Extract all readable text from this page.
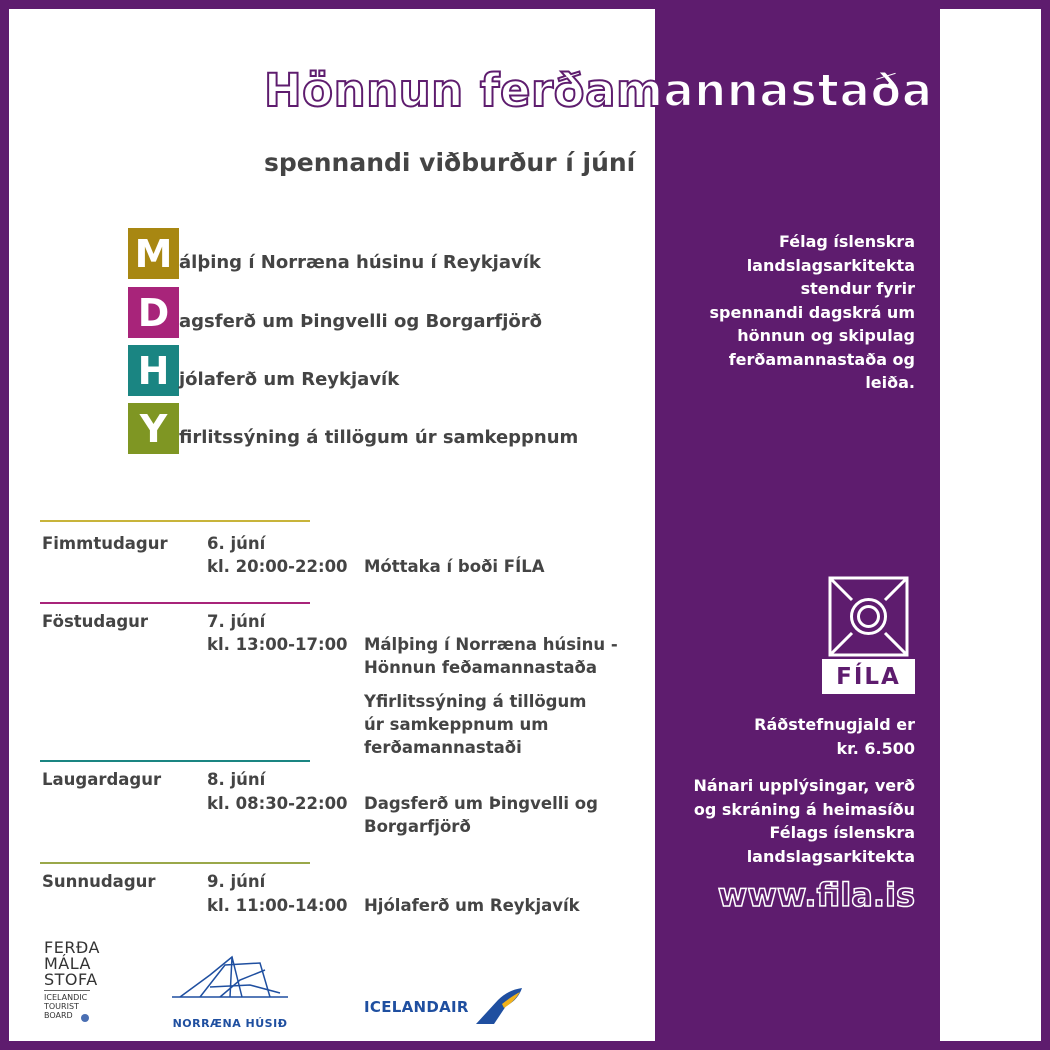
Hönnun ferðamannastaða
spennandi viðburður í júní
M álþing í Norræna húsinu í Reykjavík
D agsferð um Þingvelli og Borgarfjörð
H jólaferð um Reykjavík
Y firlitssýning á tillögum úr samkeppnum
Fimmtudagur 6. júní
kl. 20:00-22:00 Móttaka í boði FÍLA
Föstudagur	7. júní
kl. 13:00-17:00 Málþing í Norræna húsinu -
Hönnun feðamannastaða
Yfirlitssýning á tillögum
úr samkeppnum um
ferðamannastaði
Laugardagur	8. júní
kl. 08:30-22:00 Dagsferð um Þingvelli og
Borgarfjörð
Sunnudagur	9. júní
kl. 11:00-14:00 Hjólaferð um Reykjavík
Félag íslenskra
landslagsarkitekta
stendur fyrir
spennandi dagskrá um
hönnun og skipulag
ferðamannastaða og
leiða.
FÍLA
Ráðstefnugjald er
kr. 6.500
Nánari upplýsingar, verð
og skráning á heimasíðu
Félags íslenskra
landslagsarkitekta
www.fila.is
FERÐA
MÁLA
STOFA
ICELANDIC
TOURIST
BOARD
NORRÆNA HÚSIÐ
ICELANDAIR
